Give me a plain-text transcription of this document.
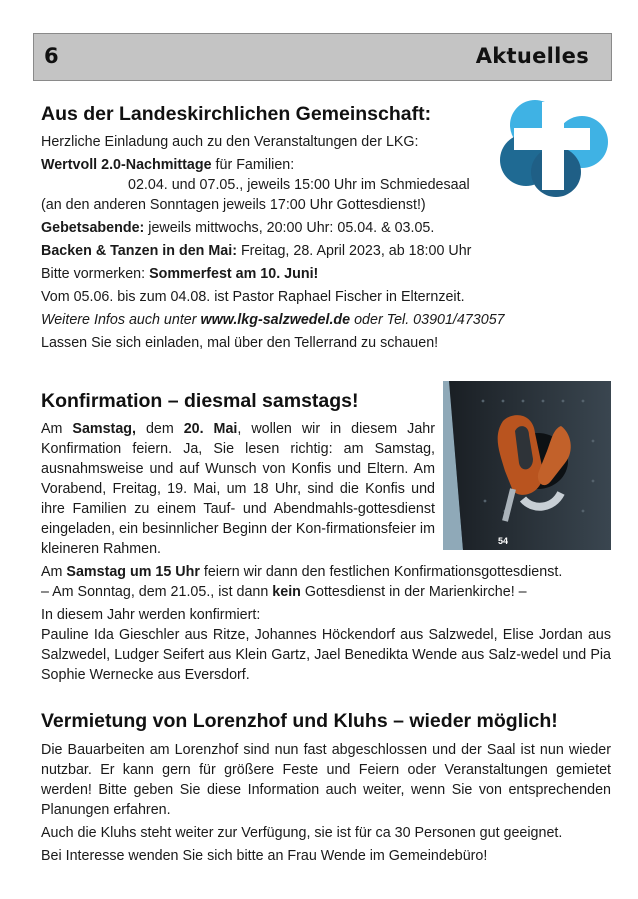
6	Aktuelles
Aus der Landeskirchlichen Gemeinschaft:

Herzliche Einladung auch zu den Veranstaltungen der LKG:

Wertvoll 2.0-Nachmittage für Familien:

02.04. und 07.05., jeweils 15:00 Uhr im Schmiedesaal

(an den anderen Sonntagen jeweils 17:00 Uhr Gottesdienst!)

Gebetsabende: jeweils mittwochs, 20:00 Uhr: 05.04. & 03.05.

Backen & Tanzen in den Mai: Freitag, 28. April 2023, ab 18:00 Uhr

Bitte vormerken: Sommerfest am 10. Juni!

Vom 05.06. bis zum 04.08. ist Pastor Raphael Fischer in Elternzeit.

Weitere Infos auch unter www.lkg-salzwedel.de oder Tel. 03901/473057

Lassen Sie sich einladen, mal über den Tellerrand zu schauen!

54
Konfirmation – diesmal samstags!

Am Samstag, dem 20. Mai, wollen wir in diesem Jahr Konfirmation feiern. Ja, Sie lesen richtig: am Samstag, ausnahmsweise und auf Wunsch von Konfis und Eltern. Am Vorabend, Freitag, 19. Mai, um 18 Uhr, sind die Konfis und ihre Familien zu einem Tauf- und Abendmahls-gottesdienst eingeladen, ein besinnlicher Beginn der Kon-firmationsfeier im kleineren Rahmen.

Am Samstag um 15 Uhr feiern wir dann den festlichen Konfirmationsgottesdienst.

– Am Sonntag, dem 21.05., ist dann kein Gottesdienst in der Marienkirche! –

In diesem Jahr werden konfirmiert:

Pauline Ida Gieschler aus Ritze, Johannes Höckendorf aus Salzwedel, Elise Jordan aus Salzwedel, Ludger Seifert aus Klein Gartz, Jael Benedikta Wende aus Salz-wedel und Pia Sophie Wernecke aus Eversdorf.

Vermietung von Lorenzhof und Kluhs – wieder möglich!

Die Bauarbeiten am Lorenzhof sind nun fast abgeschlossen und der Saal ist nun wieder nutzbar. Er kann gern für größere Feste und Feiern oder Veranstaltungen gemietet werden! Bitte geben Sie diese Information auch weiter, wenn Sie von entsprechenden Planungen erfahren.

Auch die Kluhs steht weiter zur Verfügung, sie ist für ca 30 Personen gut geeignet.

Bei Interesse wenden Sie sich bitte an Frau Wende im Gemeindebüro!
